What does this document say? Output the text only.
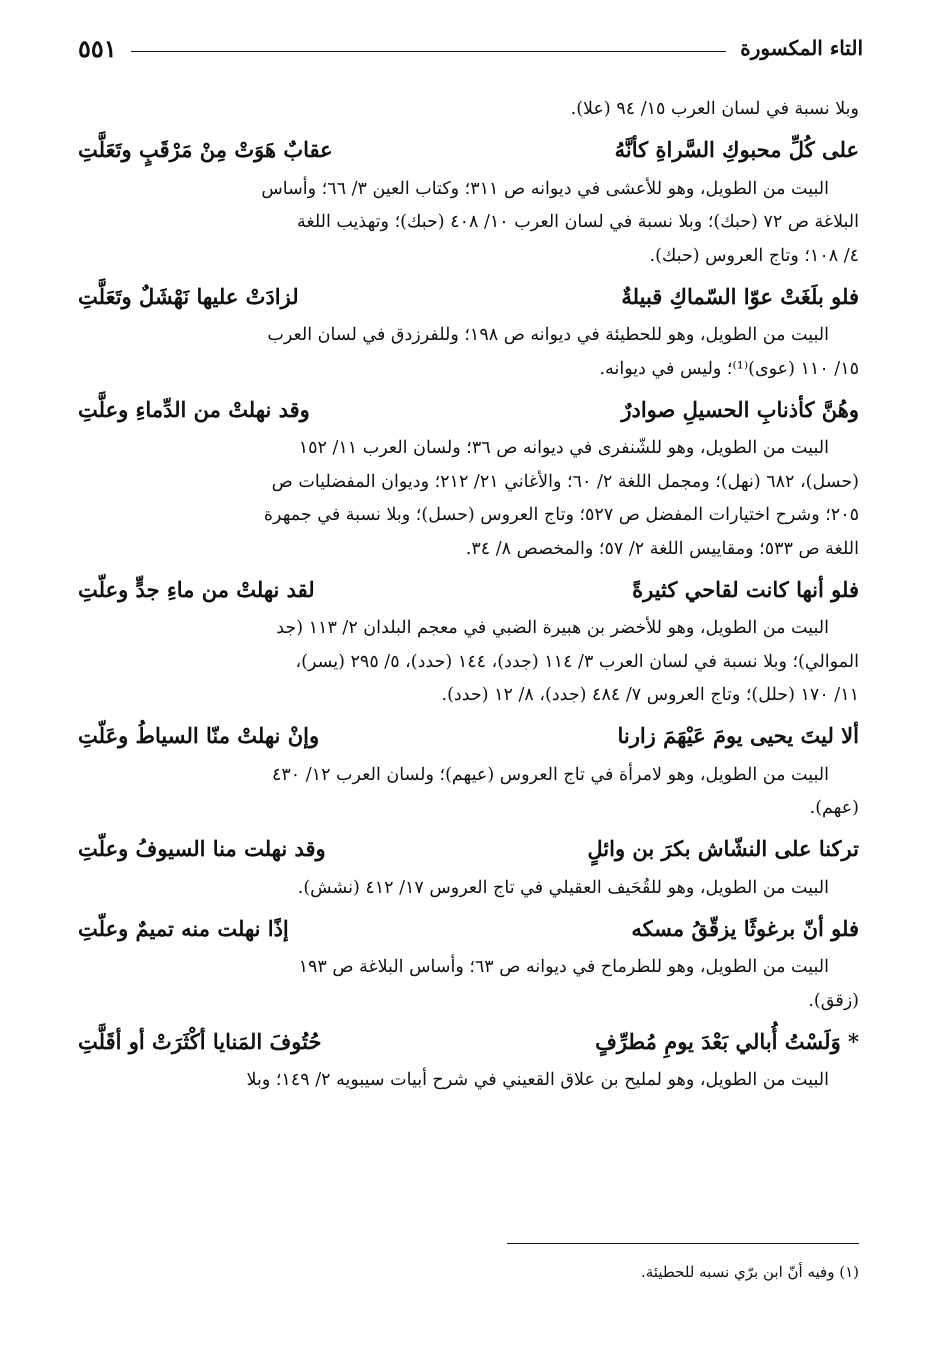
التاء المكسورة
٥٥١
وبلا نسبة في لسان العرب ١٥/ ٩٤ (علا).
على كُلِّ محبوكِ السَّراةِ كأنَّهُ
عقابٌ هَوَتْ مِنْ مَرْقَبٍ وتَعَلَّتِ
البيت من الطويل، وهو للأعشى في ديوانه ص ٣١١؛ وكتاب العين ٣/ ٦٦؛ وأساس
البلاغة ص ٧٢ (حبك)؛ وبلا نسبة في لسان العرب ١٠/ ٤٠٨ (حبك)؛ وتهذيب اللغة
٤/ ١٠٨؛ وتاج العروس (حبك).
فلو بلَغَتْ عوّا السّماكِ قبيلةٌ
لزادَتْ عليها نَهْشَلٌ وتَعَلَّتِ
البيت من الطويل، وهو للحطيئة في ديوانه ص ١٩٨؛ وللفرزدق في لسان العرب
١٥/ ١١٠ (عوى)⁽¹⁾؛ وليس في ديوانه.
وهُنَّ كأذنابِ الحسيلِ صوادرٌ
وقد نهلتْ من الدِّماءِ وعلَّتِ
البيت من الطويل، وهو للشّنفرى في ديوانه ص ٣٦؛ ولسان العرب ١١/ ١٥٢
(حسل)، ٦٨٢ (نهل)؛ ومجمل اللغة ٢/ ٦٠؛ والأغاني ٢١/ ٢١٢؛ وديوان المفضليات ص
٢٠٥؛ وشرح اختيارات المفضل ص ٥٢٧؛ وتاج العروس (حسل)؛ وبلا نسبة في جمهرة
اللغة ص ٥٣٣؛ ومقاييس اللغة ٢/ ٥٧؛ والمخصص ٨/ ٣٤.
فلو أنها كانت لقاحي كثيرةً
لقد نهلتْ من ماءِ جدٍّ وعلّتِ
البيت من الطويل، وهو للأخضر بن هبيرة الضبي في معجم البلدان ٢/ ١١٣ (جد
الموالي)؛ وبلا نسبة في لسان العرب ٣/ ١١٤ (جدد)، ١٤٤ (حدد)، ٥/ ٢٩٥ (يسر)،
١١/ ١٧٠ (حلل)؛ وتاج العروس ٧/ ٤٨٤ (جدد)، ٨/ ١٢ (حدد).
ألا ليتَ يحيى يومَ عَيْهَمَ زارنا
وإنْ نهلتْ منّا السياطُ وعَلّتِ
البيت من الطويل، وهو لامرأة في تاج العروس (عيهم)؛ ولسان العرب ١٢/ ٤٣٠
(عهم).
تركنا على النشّاش بكرَ بن وائلٍ
وقد نهلت منا السيوفُ وعلّتِ
البيت من الطويل، وهو للقُحَيف العقيلي في تاج العروس ١٧/ ٤١٢ (نشش).
فلو أنّ برغوثًا يزقّقُ مسكه
إذًا نهلت منه تميمٌ وعلّتِ
البيت من الطويل، وهو للطرماح في ديوانه ص ٦٣؛ وأساس البلاغة ص ١٩٣
(زقق).
* وَلَسْتُ أُبالي بَعْدَ يومِ مُطرِّفٍ
حُتُوفَ المَنايا أكْثَرَتْ أو أقَلَّتِ
البيت من الطويل، وهو لمليح بن علاق القعيني في شرح أبيات سيبويه ٢/ ١٤٩؛ وبلا
(١) وفيه أنّ ابن برّي نسبه للحطيئة.
